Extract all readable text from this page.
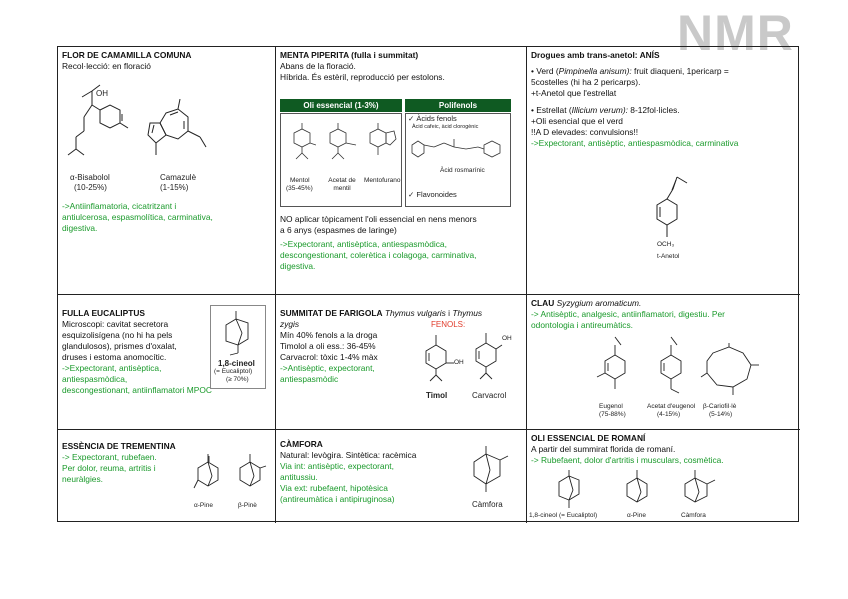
NMR
FLOR DE CAMAMILLA COMUNA
Recol·lecció: en floració
OH
α-Bisabolol
(10-25%)
Camazulè
(1-15%)
->Antiinflamatoria, cicatritzant i
antiulcerosa, espasmolítica, carminativa,
digestiva.
MENTA PIPERITA (fulla i summitat)
Abans de la floració.
Híbrida. És estèril, reproducció per estolons.
Oli essencial (1-3%)	Polifenols
Mentol
(35-45%)
Acetat de mentil
Mentofurano
✓ Àcids fenols
Àcid cafeic, àcid clorogènic
Àcid rosmarínic
✓ Flavonoides
NO aplicar tòpicament l'oli essencial en nens menors
a 6 anys (espasmes de laringe)
->Expectorant, antisèptica, antiespasmòdica,
descongestionant, colerètica i colagoga, carminativa,
digestiva.
Drogues amb trans-anetol: ANÍS
• Verd (Pimpinella anisum): fruit diaqueni, 1pericarp =
5costelles (hi ha 2 pericarps).
+t-Anetol que l'estrellat
• Estrellat (Illicium verum): 8-12fol·licles.
+Oli esencial que el verd
!!A D elevades: convulsions!!
->Expectorant, antisèptic, antiespasmòdica, carminativa
OCH₃
t-Anetol
FULLA EUCALIPTUS
Microscopi: cavitat secretora
esquizolisígena (no hi ha pels
glandulosos), prismes d'oxalat,
druses i estoma anomocític.
->Expectorant, antisèptica,
antiespasmòdica,
descongestionant, antiinflamatori MPOC
1,8-cineol
(= Eucaliptol)
(≥ 70%)
SUMMITAT DE FARIGOLA Thymus vulgaris i Thymus
zygis
Mín 40% fenols a la droga
Timolol a oli ess.: 36-45%
Carvacrol: tòxic 1-4% màx
->Antisèptic, expectorant,
antiespasmòdic
FENOLS:
OH
OH
Timol	Carvacrol
CLAU Syzygium aromaticum.
-> Antisèptic, analgesic, antiinflamatori, digestiu. Per
odontologia i antireumàtics.
Eugenol
(75-88%)
Acetat d'eugenol
(4-15%)
β-Cariofil·lè
(5-14%)
ESSÈNCIA DE TREMENTINA
-> Expectorant, rubefaen.
Per dolor, reuma, artritis i
neuràlgies.
α-Pine	β-Pinè
CÀMFORA
Natural: levògira. Sintètica: racèmica
Via int: antisèptic, expectorant,
antitussiu.
Via ext: rubefaent, hipotèsica
(antireumàtica i antipiruginosa)
Càmfora
OLI ESSENCIAL DE ROMANÍ
A partir del summirat florida de romaní.
-> Rubefaent, dolor d'artritis i musculars, cosmètica.
1,8-cineol (= Eucaliptol)	α-Pine	Càmfora
